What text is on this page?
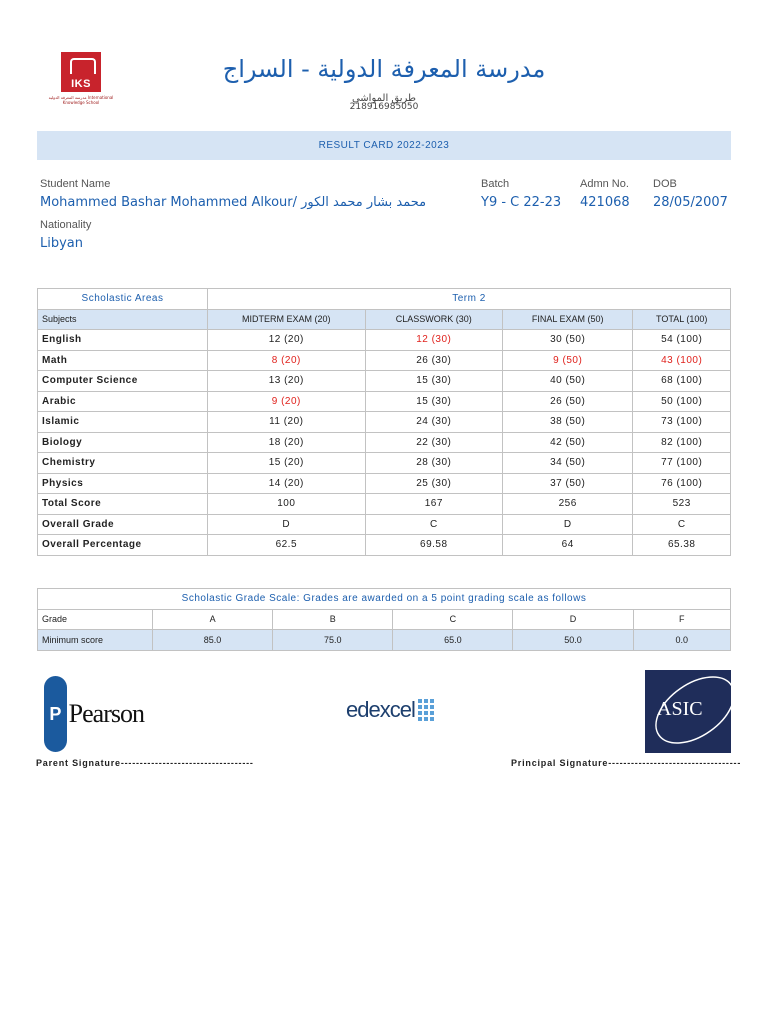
IKS
مدرسة المعرفة الدولية International Knowledge School
مدرسة المعرفة الدولية - السراج
طريق المواشي
218916985050
RESULT CARD 2022-2023
Student Name
Mohammed Bashar Mohammed Alkour/ محمد بشار محمد الكور
Batch
Y9 - C 22-23
Admn No.
421068
DOB
28/05/2007
Nationality
Libyan
Scholastic Areas	Term 2			
Subjects	MIDTERM EXAM (20)	CLASSWORK (30)	FINAL EXAM (50)	TOTAL (100)
English	12 (20)	12 (30)	30 (50)	54 (100)
Math	8 (20)	26 (30)	9 (50)	43 (100)
Computer Science	13 (20)	15 (30)	40 (50)	68 (100)
Arabic	9 (20)	15 (30)	26 (50)	50 (100)
Islamic	11 (20)	24 (30)	38 (50)	73 (100)
Biology	18 (20)	22 (30)	42 (50)	82 (100)
Chemistry	15 (20)	28 (30)	34 (50)	77 (100)
Physics	14 (20)	25 (30)	37 (50)	76 (100)
Total Score	100	167	256	523
Overall Grade	D	C	D	C
Overall Percentage	62.5	69.58	64	65.38
Scholastic Grade Scale: Grades are awarded on a 5 point grading scale as follows					
Grade	A	B	C	D	F
Minimum score	85.0	75.0	65.0	50.0	0.0
P Pearson	edexcel	ASIC
Parent Signature-----------------------------------	Principal Signature-----------------------------------
